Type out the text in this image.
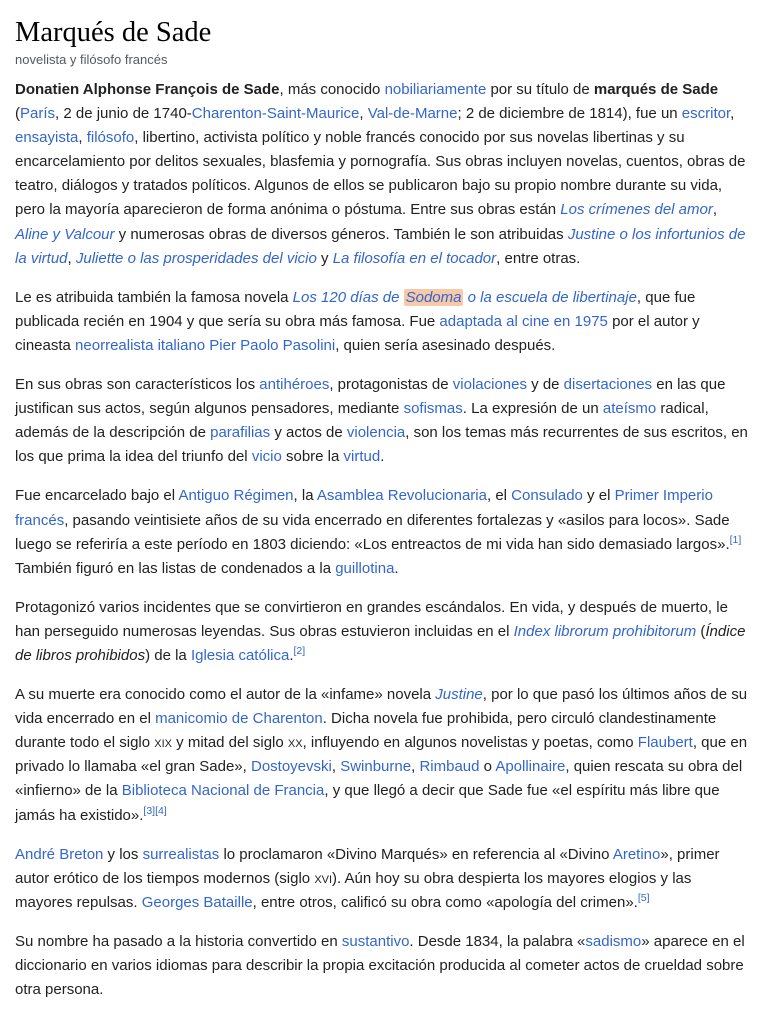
Marqués de Sade
novelista y filósofo francés

Donatien Alphonse François de Sade, más conocido nobiliariamente por su título de marqués de Sade (París, 2 de junio de 1740-Charenton-Saint-Maurice, Val-de-Marne; 2 de diciembre de 1814), fue un escritor, ensayista, filósofo, libertino, activista político y noble francés conocido por sus novelas libertinas y su encarcelamiento por delitos sexuales, blasfemia y pornografía. Sus obras incluyen novelas, cuentos, obras de teatro, diálogos y tratados políticos. Algunos de ellos se publicaron bajo su propio nombre durante su vida, pero la mayoría aparecieron de forma anónima o póstuma. Entre sus obras están Los crímenes del amor, Aline y Valcour y numerosas obras de diversos géneros. También le son atribuidas Justine o los infortunios de la virtud, Juliette o las prosperidades del vicio y La filosofía en el tocador, entre otras.

Le es atribuida también la famosa novela Los 120 días de Sodoma o la escuela de libertinaje, que fue publicada recién en 1904 y que sería su obra más famosa. Fue adaptada al cine en 1975 por el autor y cineasta neorrealista italiano Pier Paolo Pasolini, quien sería asesinado después.

En sus obras son característicos los antihéroes, protagonistas de violaciones y de disertaciones en las que justifican sus actos, según algunos pensadores, mediante sofismas. La expresión de un ateísmo radical, además de la descripción de parafilias y actos de violencia, son los temas más recurrentes de sus escritos, en los que prima la idea del triunfo del vicio sobre la virtud.

Fue encarcelado bajo el Antiguo Régimen, la Asamblea Revolucionaria, el Consulado y el Primer Imperio francés, pasando veintisiete años de su vida encerrado en diferentes fortalezas y «asilos para locos». Sade luego se referiría a este período en 1803 diciendo: «Los entreactos de mi vida han sido demasiado largos».[1] También figuró en las listas de condenados a la guillotina.

Protagonizó varios incidentes que se convirtieron en grandes escándalos. En vida, y después de muerto, le han perseguido numerosas leyendas. Sus obras estuvieron incluidas en el Index librorum prohibitorum (Índice de libros prohibidos) de la Iglesia católica.[2]

A su muerte era conocido como el autor de la «infame» novela Justine, por lo que pasó los últimos años de su vida encerrado en el manicomio de Charenton. Dicha novela fue prohibida, pero circuló clandestinamente durante todo el siglo xix y mitad del siglo xx, influyendo en algunos novelistas y poetas, como Flaubert, que en privado lo llamaba «el gran Sade», Dostoyevski, Swinburne, Rimbaud o Apollinaire, quien rescata su obra del «infierno» de la Biblioteca Nacional de Francia, y que llegó a decir que Sade fue «el espíritu más libre que jamás ha existido».[3][4]

André Breton y los surrealistas lo proclamaron «Divino Marqués» en referencia al «Divino Aretino», primer autor erótico de los tiempos modernos (siglo xvi). Aún hoy su obra despierta los mayores elogios y las mayores repulsas. Georges Bataille, entre otros, calificó su obra como «apología del crimen».[5]

Su nombre ha pasado a la historia convertido en sustantivo. Desde 1834, la palabra «sadismo» aparece en el diccionario en varios idiomas para describir la propia excitación producida al cometer actos de crueldad sobre otra persona.
